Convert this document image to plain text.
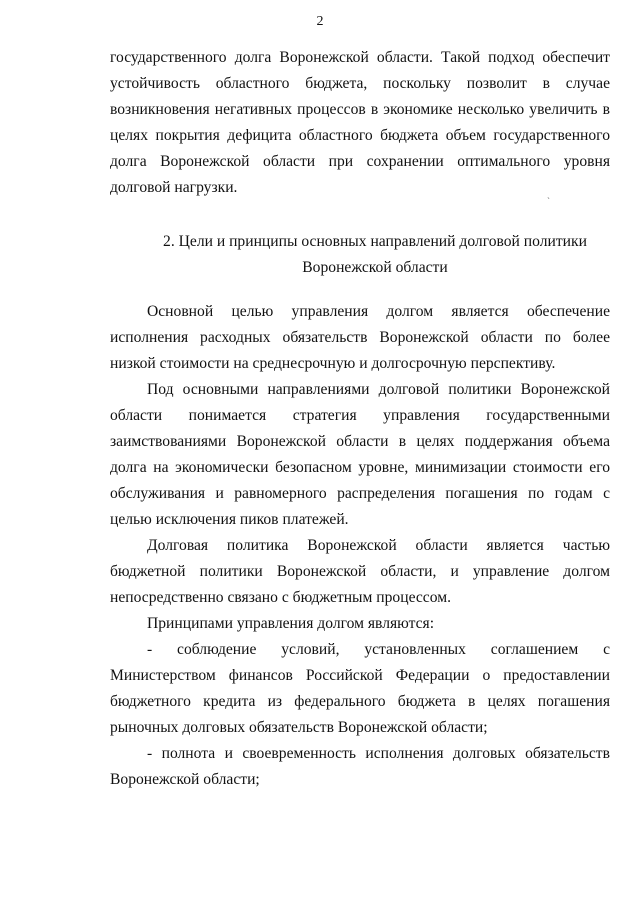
2
`

государственного долга Воронежской области. Такой подход обеспечит устойчивость областного бюджета, поскольку позволит в случае возникновения негативных процессов в экономике несколько увеличить в целях покрытия дефицита областного бюджета объем государственного долга Воронежской области при сохранении оптимального уровня долговой нагрузки.

2. Цели и принципы основных направлений долговой политики
Воронежской области

Основной целью управления долгом является обеспечение исполнения расходных обязательств Воронежской области по более низкой стоимости на среднесрочную и долгосрочную перспективу.

Под основными направлениями долговой политики Воронежской области понимается стратегия управления государственными заимствованиями Воронежской области в целях поддержания объема долга на экономически безопасном уровне, минимизации стоимости его обслуживания и равномерного распределения погашения по годам с целью исключения пиков платежей.

Долговая политика Воронежской области является частью бюджетной политики Воронежской области, и управление долгом непосредственно связано с бюджетным процессом.

Принципами управления долгом являются:

- соблюдение условий, установленных соглашением с Министерством финансов Российской Федерации о предоставлении бюджетного кредита из федерального бюджета в целях погашения рыночных долговых обязательств Воронежской области;

- полнота и своевременность исполнения долговых обязательств Воронежской области;
